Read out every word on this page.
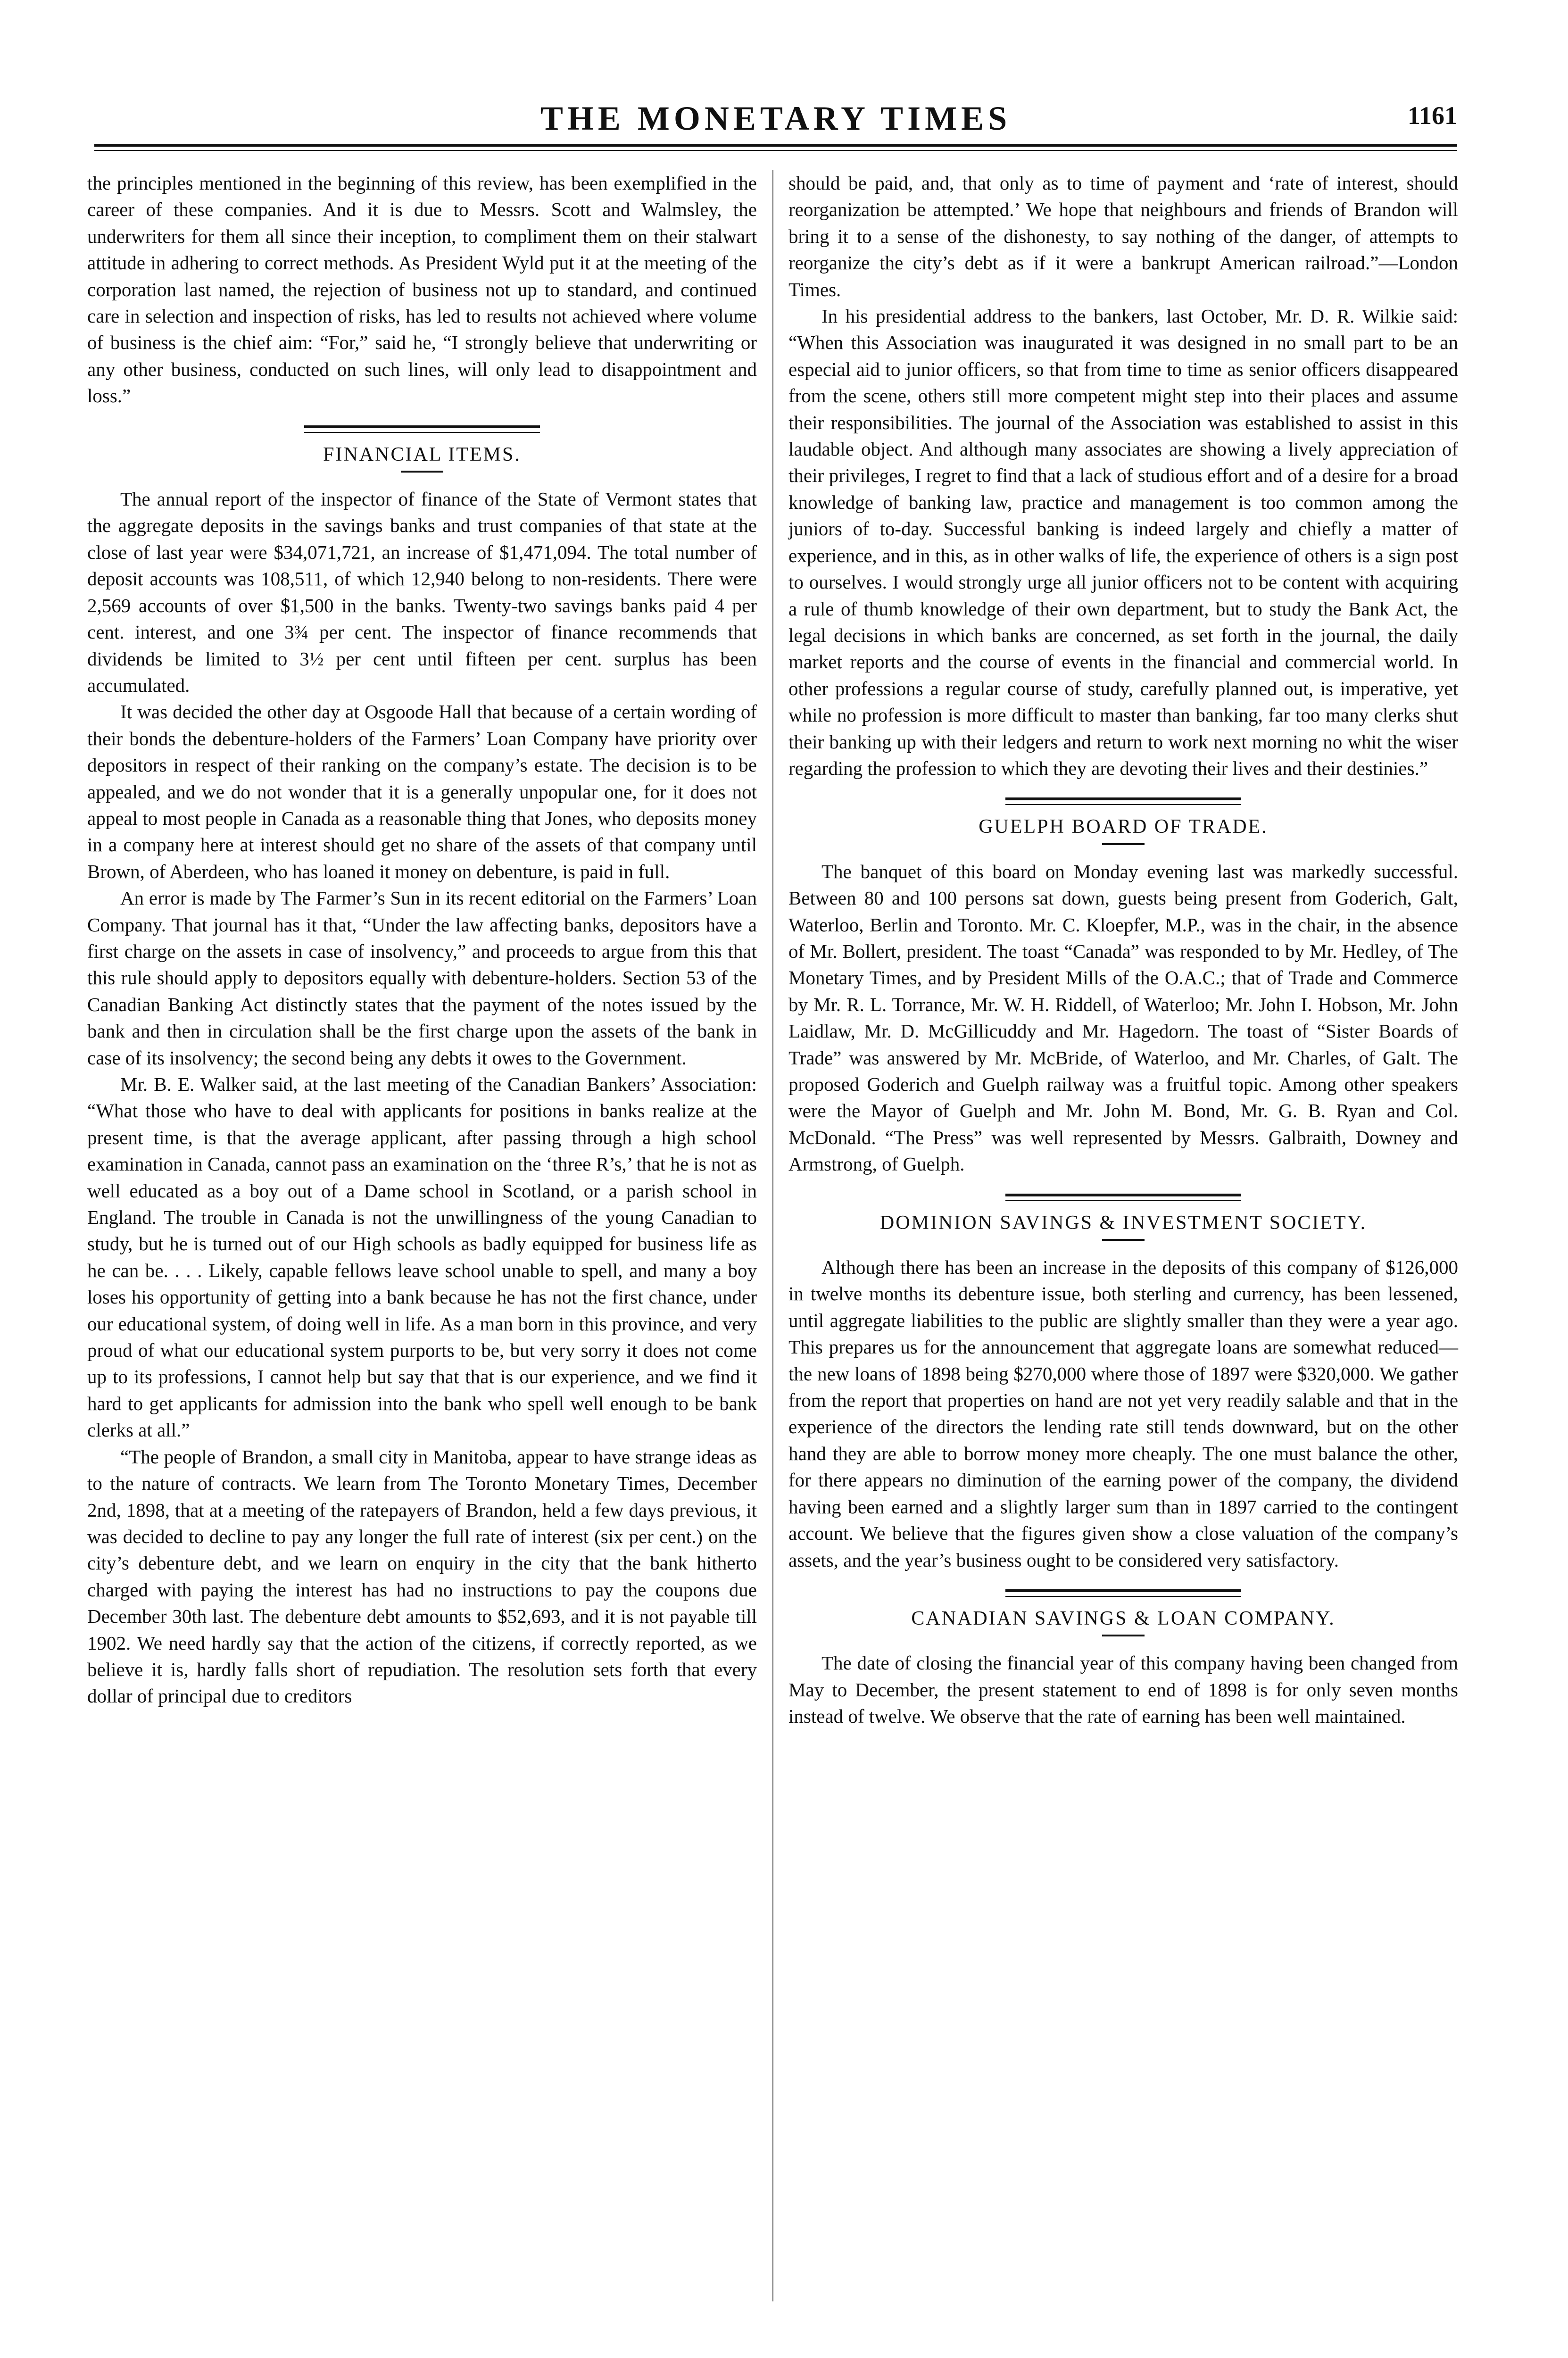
THE MONETARY TIMES	1161

the principles mentioned in the beginning of this review, has been exemplified in the career of these companies. And it is due to Messrs. Scott and Walmsley, the underwriters for them all since their inception, to compliment them on their stalwart attitude in adhering to correct methods. As President Wyld put it at the meeting of the corporation last named, the rejection of business not up to standard, and continued care in selection and inspection of risks, has led to results not achieved where volume of business is the chief aim: “For,” said he, “I strongly believe that underwriting or any other business, conducted on such lines, will only lead to disappointment and loss.”

FINANCIAL ITEMS.

The annual report of the inspector of finance of the State of Vermont states that the aggregate deposits in the savings banks and trust companies of that state at the close of last year were $34,071,721, an increase of $1,471,094. The total number of deposit accounts was 108,511, of which 12,940 belong to non-residents. There were 2,569 accounts of over $1,500 in the banks. Twenty-two savings banks paid 4 per cent. interest, and one 3¾ per cent. The inspector of finance recommends that dividends be limited to 3½ per cent until fifteen per cent. surplus has been accumulated.

It was decided the other day at Osgoode Hall that because of a certain wording of their bonds the debenture-holders of the Farmers’ Loan Company have priority over depositors in respect of their ranking on the company’s estate. The decision is to be appealed, and we do not wonder that it is a generally unpopular one, for it does not appeal to most people in Canada as a reasonable thing that Jones, who deposits money in a company here at interest should get no share of the assets of that company until Brown, of Aberdeen, who has loaned it money on debenture, is paid in full.

An error is made by The Farmer’s Sun in its recent editorial on the Farmers’ Loan Company. That journal has it that, “Under the law affecting banks, depositors have a first charge on the assets in case of insolvency,” and proceeds to argue from this that this rule should apply to depositors equally with debenture-holders. Section 53 of the Canadian Banking Act distinctly states that the payment of the notes issued by the bank and then in circulation shall be the first charge upon the assets of the bank in case of its insolvency; the second being any debts it owes to the Government.

Mr. B. E. Walker said, at the last meeting of the Canadian Bankers’ Association: “What those who have to deal with applicants for positions in banks realize at the present time, is that the average applicant, after passing through a high school examination in Canada, cannot pass an examination on the ‘three R’s,’ that he is not as well educated as a boy out of a Dame school in Scotland, or a parish school in England. The trouble in Canada is not the unwillingness of the young Canadian to study, but he is turned out of our High schools as badly equipped for business life as he can be. . . . Likely, capable fellows leave school unable to spell, and many a boy loses his opportunity of getting into a bank because he has not the first chance, under our educational system, of doing well in life. As a man born in this province, and very proud of what our educational system purports to be, but very sorry it does not come up to its professions, I cannot help but say that that is our experience, and we find it hard to get applicants for admission into the bank who spell well enough to be bank clerks at all.”

“The people of Brandon, a small city in Manitoba, appear to have strange ideas as to the nature of contracts. We learn from The Toronto Monetary Times, December 2nd, 1898, that at a meeting of the ratepayers of Brandon, held a few days previous, it was decided to decline to pay any longer the full rate of interest (six per cent.) on the city’s debenture debt, and we learn on enquiry in the city that the bank hitherto charged with paying the interest has had no instructions to pay the coupons due December 30th last. The debenture debt amounts to $52,693, and it is not payable till 1902. We need hardly say that the action of the citizens, if correctly reported, as we believe it is, hardly falls short of repudiation. The resolution sets forth that every dollar of principal due to creditors

should be paid, and, that only as to time of payment and ‘rate of interest, should reorganization be attempted.’ We hope that neighbours and friends of Brandon will bring it to a sense of the dishonesty, to say nothing of the danger, of attempts to reorganize the city’s debt as if it were a bankrupt American railroad.”—London Times.

In his presidential address to the bankers, last October, Mr. D. R. Wilkie said: “When this Association was inaugurated it was designed in no small part to be an especial aid to junior officers, so that from time to time as senior officers disappeared from the scene, others still more competent might step into their places and assume their responsibilities. The journal of the Association was established to assist in this laudable object. And although many associates are showing a lively appreciation of their privileges, I regret to find that a lack of studious effort and of a desire for a broad knowledge of banking law, practice and management is too common among the juniors of to-day. Successful banking is indeed largely and chiefly a matter of experience, and in this, as in other walks of life, the experience of others is a sign post to ourselves. I would strongly urge all junior officers not to be content with acquiring a rule of thumb knowledge of their own department, but to study the Bank Act, the legal decisions in which banks are concerned, as set forth in the journal, the daily market reports and the course of events in the financial and commercial world. In other professions a regular course of study, carefully planned out, is imperative, yet while no profession is more difficult to master than banking, far too many clerks shut their banking up with their ledgers and return to work next morning no whit the wiser regarding the profession to which they are devoting their lives and their destinies.”

GUELPH BOARD OF TRADE.

The banquet of this board on Monday evening last was markedly successful. Between 80 and 100 persons sat down, guests being present from Goderich, Galt, Waterloo, Berlin and Toronto. Mr. C. Kloepfer, M.P., was in the chair, in the absence of Mr. Bollert, president. The toast “Canada” was responded to by Mr. Hedley, of The Monetary Times, and by President Mills of the O.A.C.; that of Trade and Commerce by Mr. R. L. Torrance, Mr. W. H. Riddell, of Waterloo; Mr. John I. Hobson, Mr. John Laidlaw, Mr. D. McGillicuddy and Mr. Hagedorn. The toast of “Sister Boards of Trade” was answered by Mr. McBride, of Waterloo, and Mr. Charles, of Galt. The proposed Goderich and Guelph railway was a fruitful topic. Among other speakers were the Mayor of Guelph and Mr. John M. Bond, Mr. G. B. Ryan and Col. McDonald. “The Press” was well represented by Messrs. Galbraith, Downey and Armstrong, of Guelph.

DOMINION SAVINGS & INVESTMENT SOCIETY.

Although there has been an increase in the deposits of this company of $126,000 in twelve months its debenture issue, both sterling and currency, has been lessened, until aggregate liabilities to the public are slightly smaller than they were a year ago. This prepares us for the announcement that aggregate loans are somewhat reduced—the new loans of 1898 being $270,000 where those of 1897 were $320,000. We gather from the report that properties on hand are not yet very readily salable and that in the experience of the directors the lending rate still tends downward, but on the other hand they are able to borrow money more cheaply. The one must balance the other, for there appears no diminution of the earning power of the company, the dividend having been earned and a slightly larger sum than in 1897 carried to the contingent account. We believe that the figures given show a close valuation of the company’s assets, and the year’s business ought to be considered very satisfactory.

CANADIAN SAVINGS & LOAN COMPANY.

The date of closing the financial year of this company having been changed from May to December, the present statement to end of 1898 is for only seven months instead of twelve. We observe that the rate of earning has been well maintained.
